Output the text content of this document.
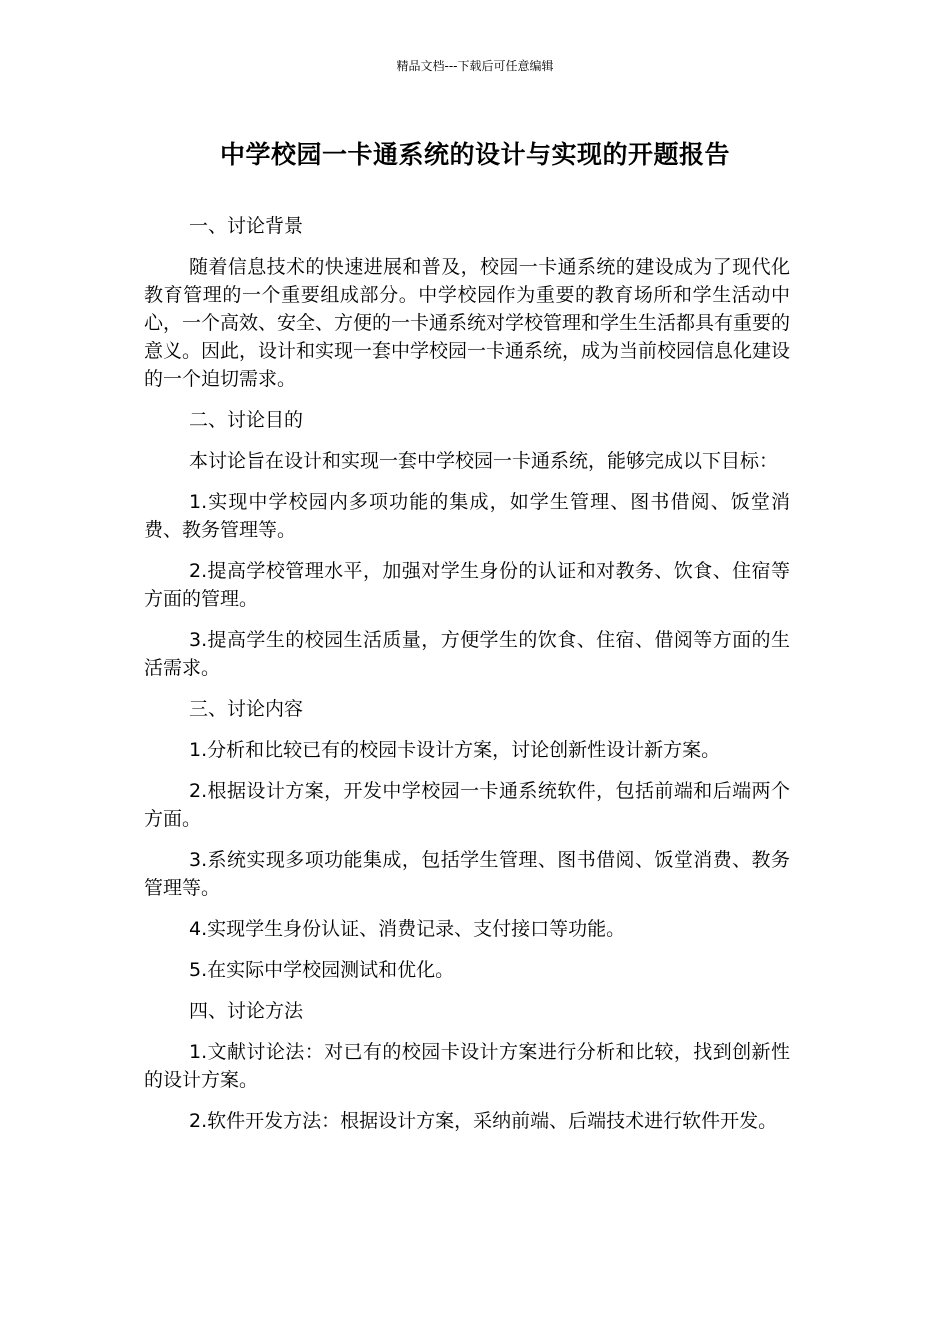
精品文档---下载后可任意编辑
中学校园一卡通系统的设计与实现的开题报告

一、讨论背景

随着信息技术的快速进展和普及，校园一卡通系统的建设成为了现代化教育管理的一个重要组成部分。中学校园作为重要的教育场所和学生活动中心，一个高效、安全、方便的一卡通系统对学校管理和学生生活都具有重要的意义。因此，设计和实现一套中学校园一卡通系统，成为当前校园信息化建设的一个迫切需求。

二、讨论目的

本讨论旨在设计和实现一套中学校园一卡通系统，能够完成以下目标：

1.实现中学校园内多项功能的集成，如学生管理、图书借阅、饭堂消费、教务管理等。

2.提高学校管理水平，加强对学生身份的认证和对教务、饮食、住宿等方面的管理。

3.提高学生的校园生活质量，方便学生的饮食、住宿、借阅等方面的生活需求。

三、讨论内容

1.分析和比较已有的校园卡设计方案，讨论创新性设计新方案。

2.根据设计方案，开发中学校园一卡通系统软件，包括前端和后端两个方面。

3.系统实现多项功能集成，包括学生管理、图书借阅、饭堂消费、教务管理等。

4.实现学生身份认证、消费记录、支付接口等功能。

5.在实际中学校园测试和优化。

四、讨论方法

1.文献讨论法：对已有的校园卡设计方案进行分析和比较，找到创新性的设计方案。

2.软件开发方法：根据设计方案，采纳前端、后端技术进行软件开发。
